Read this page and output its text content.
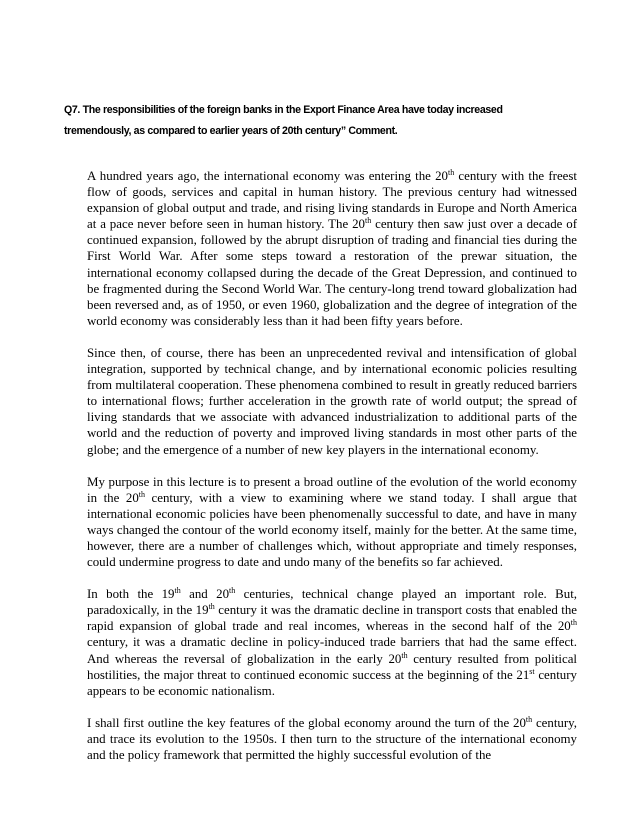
Q7. The responsibilities of the foreign banks in the Export Finance Area have today increased
tremendously, as compared to earlier years of 20th century” Comment.

A hundred years ago, the international economy was entering the 20th century with the freest flow of goods, services and capital in human history. The previous century had witnessed expansion of global output and trade, and rising living standards in Europe and North America at a pace never before seen in human history. The 20th century then saw just over a decade of continued expansion, followed by the abrupt disruption of trading and financial ties during the First World War. After some steps toward a restoration of the prewar situation, the international economy collapsed during the decade of the Great Depression, and continued to be fragmented during the Second World War. The century-long trend toward globalization had been reversed and, as of 1950, or even 1960, globalization and the degree of integration of the world economy was considerably less than it had been fifty years before.

Since then, of course, there has been an unprecedented revival and intensification of global integration, supported by technical change, and by international economic policies resulting from multilateral cooperation. These phenomena combined to result in greatly reduced barriers to international flows; further acceleration in the growth rate of world output; the spread of living standards that we associate with advanced industrialization to additional parts of the world and the reduction of poverty and improved living standards in most other parts of the globe; and the emergence of a number of new key players in the international economy.

My purpose in this lecture is to present a broad outline of the evolution of the world economy in the 20th century, with a view to examining where we stand today. I shall argue that international economic policies have been phenomenally successful to date, and have in many ways changed the contour of the world economy itself, mainly for the better. At the same time, however, there are a number of challenges which, without appropriate and timely responses, could undermine progress to date and undo many of the benefits so far achieved.

In both the 19th and 20th centuries, technical change played an important role. But, paradoxically, in the 19th century it was the dramatic decline in transport costs that enabled the rapid expansion of global trade and real incomes, whereas in the second half of the 20th century, it was a dramatic decline in policy-induced trade barriers that had the same effect. And whereas the reversal of globalization in the early 20th century resulted from political hostilities, the major threat to continued economic success at the beginning of the 21st century appears to be economic nationalism.

I shall first outline the key features of the global economy around the turn of the 20th century, and trace its evolution to the 1950s. I then turn to the structure of the international economy and the policy framework that permitted the highly successful evolution of the
